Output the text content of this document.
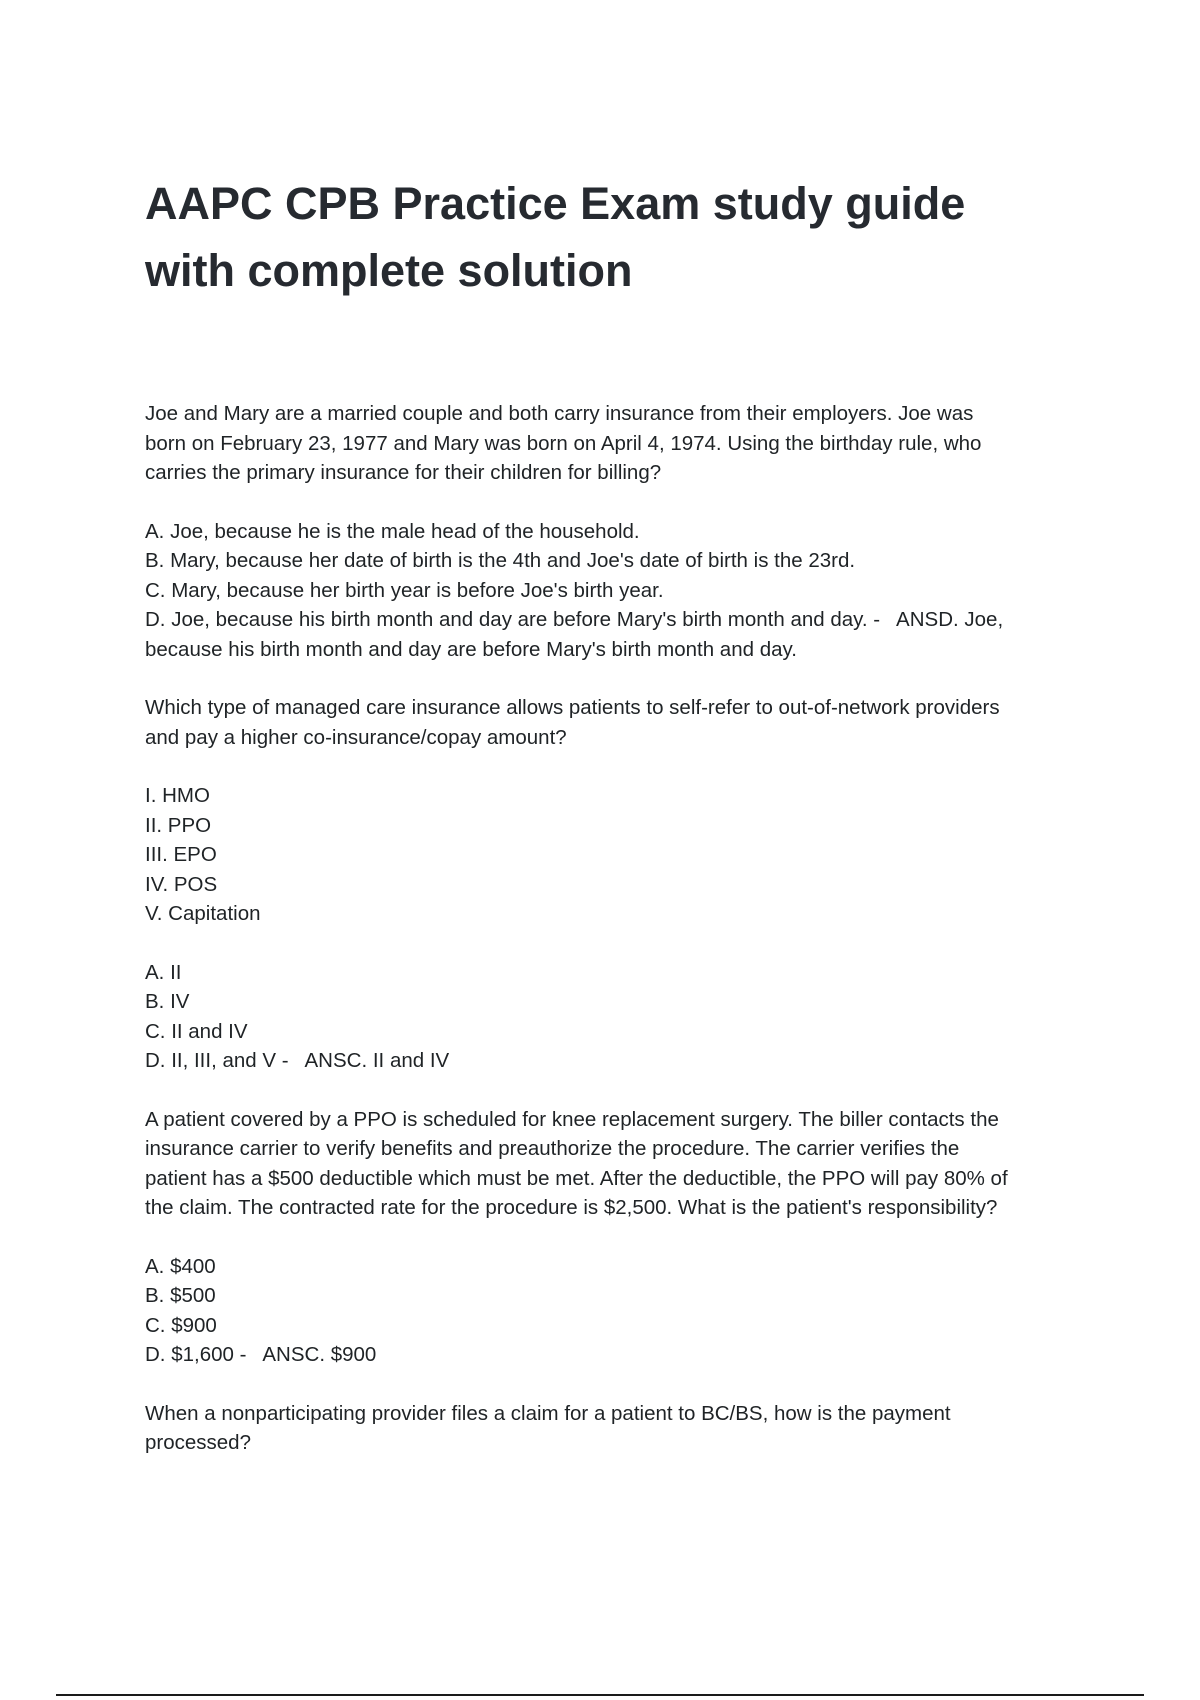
AAPC CPB Practice Exam study guide
with complete solution
Joe and Mary are a married couple and both carry insurance from their employers. Joe was
born on February 23, 1977 and Mary was born on April 4, 1974. Using the birthday rule, who
carries the primary insurance for their children for billing?
A. Joe, because he is the male head of the household.
B. Mary, because her date of birth is the 4th and Joe's date of birth is the 23rd.
C. Mary, because her birth year is before Joe's birth year.
D. Joe, because his birth month and day are before Mary's birth month and day. -   ANSD. Joe,
because his birth month and day are before Mary's birth month and day.
Which type of managed care insurance allows patients to self-refer to out-of-network providers
and pay a higher co-insurance/copay amount?
I. HMO
II. PPO
III. EPO
IV. POS
V. Capitation
A. II
B. IV
C. II and IV
D. II, III, and V -   ANSC. II and IV
A patient covered by a PPO is scheduled for knee replacement surgery. The biller contacts the
insurance carrier to verify benefits and preauthorize the procedure. The carrier verifies the
patient has a $500 deductible which must be met. After the deductible, the PPO will pay 80% of
the claim. The contracted rate for the procedure is $2,500. What is the patient's responsibility?
A. $400
B. $500
C. $900
D. $1,600 -   ANSC. $900
When a nonparticipating provider files a claim for a patient to BC/BS, how is the payment
processed?
